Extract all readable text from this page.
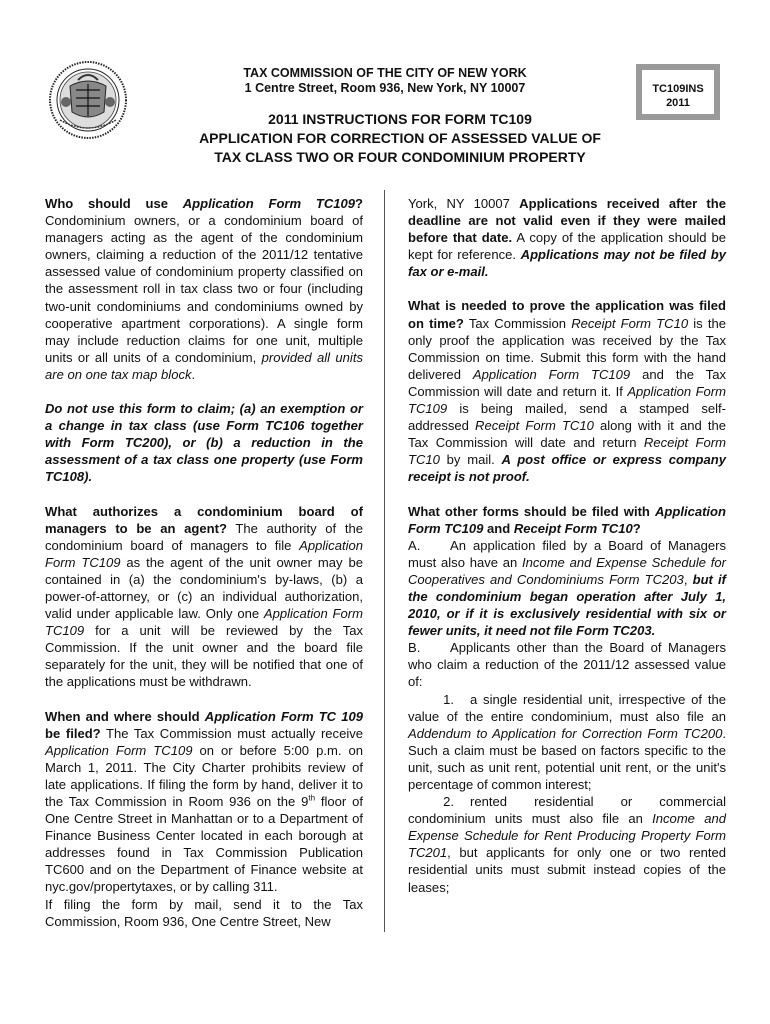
TAX COMMISSION OF THE CITY OF NEW YORK
1 Centre Street, Room 936, New York, NY 10007	TC109INS
2011
2011 INSTRUCTIONS FOR FORM TC109
APPLICATION FOR CORRECTION OF ASSESSED VALUE OF
TAX CLASS TWO OR FOUR CONDOMINIUM PROPERTY

Who should use Application Form TC109? Condominium owners, or a condominium board of managers acting as the agent of the condominium owners, claiming a reduction of the 2011/12 tentative assessed value of condominium property classified on the assessment roll in tax class two or four (including two-unit condominiums and condominiums owned by cooperative apartment corporations). A single form may include reduction claims for one unit, multiple units or all units of a condominium, provided all units are on one tax map block.

Do not use this form to claim; (a) an exemption or a change in tax class (use Form TC106 together with Form TC200), or (b) a reduction in the assessment of a tax class one property (use Form TC108).

What authorizes a condominium board of managers to be an agent? The authority of the condominium board of managers to file Application Form TC109 as the agent of the unit owner may be contained in (a) the condominium's by-laws, (b) a power-of-attorney, or (c) an individual authorization, valid under applicable law. Only one Application Form TC109 for a unit will be reviewed by the Tax Commission. If the unit owner and the board file separately for the unit, they will be notified that one of the applications must be withdrawn.

When and where should Application Form TC 109 be filed? The Tax Commission must actually receive Application Form TC109 on or before 5:00 p.m. on March 1, 2011. The City Charter prohibits review of late applications. If filing the form by hand, deliver it to the Tax Commission in Room 936 on the 9th floor of One Centre Street in Manhattan or to a Department of Finance Business Center located in each borough at addresses found in Tax Commission Publication TC600 and on the Department of Finance website at nyc.gov/propertytaxes, or by calling 311.

If filing the form by mail, send it to the Tax Commission, Room 936, One Centre Street, New

York, NY 10007 Applications received after the deadline are not valid even if they were mailed before that date. A copy of the application should be kept for reference. Applications may not be filed by fax or e-mail.

What is needed to prove the application was filed on time? Tax Commission Receipt Form TC10 is the only proof the application was received by the Tax Commission on time. Submit this form with the hand delivered Application Form TC109 and the Tax Commission will date and return it. If Application Form TC109 is being mailed, send a stamped self-addressed Receipt Form TC10 along with it and the Tax Commission will date and return Receipt Form TC10 by mail. A post office or express company receipt is not proof.

What other forms should be filed with Application Form TC109 and Receipt Form TC10?

A. An application filed by a Board of Managers must also have an Income and Expense Schedule for Cooperatives and Condominiums Form TC203, but if the condominium began operation after July 1, 2010, or if it is exclusively residential with six or fewer units, it need not file Form TC203.

B. Applicants other than the Board of Managers who claim a reduction of the 2011/12 assessed value of:

1. a single residential unit, irrespective of the value of the entire condominium, must also file an Addendum to Application for Correction Form TC200. Such a claim must be based on factors specific to the unit, such as unit rent, potential unit rent, or the unit's percentage of common interest;

2. rented residential or commercial condominium units must also file an Income and Expense Schedule for Rent Producing Property Form TC201, but applicants for only one or two rented residential units must submit instead copies of the leases;
